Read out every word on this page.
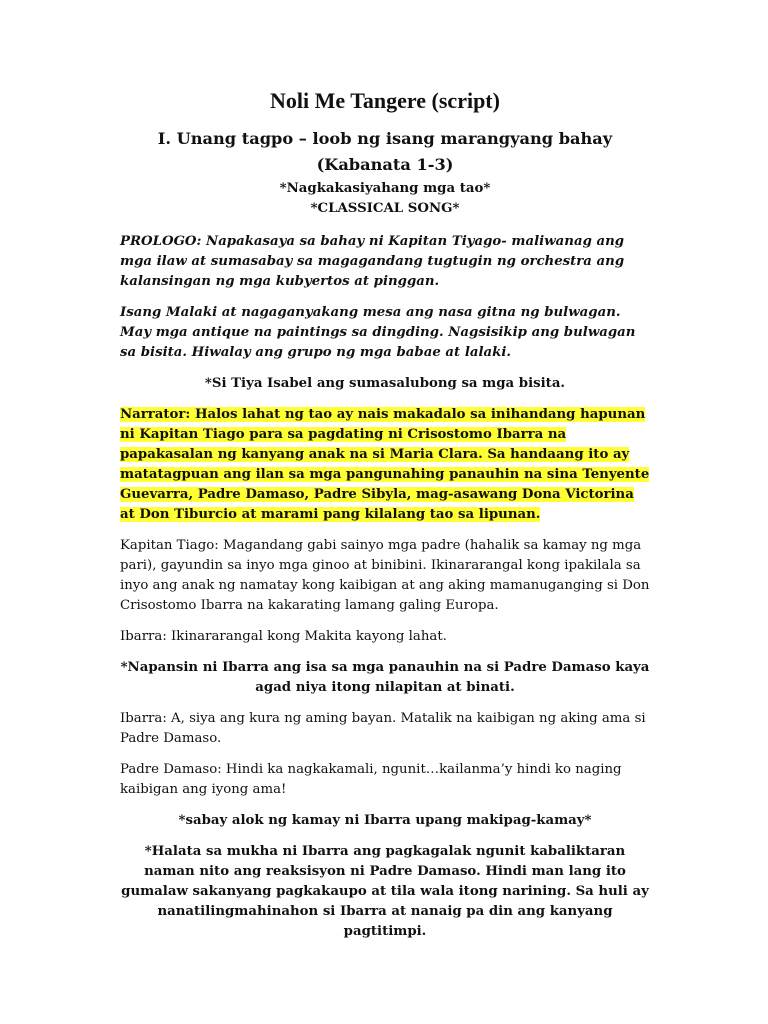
Noli Me Tangere (script)

I. Unang tagpo – loob ng isang marangyang bahay (Kabanata 1-3)

*Nagkakasiyahang mga tao*

*CLASSICAL SONG*

PROLOGO: Napakasaya sa bahay ni Kapitan Tiyago- maliwanag ang mga ilaw at sumasabay sa magagandang tugtugin ng orchestra ang kalansingan ng mga kubyertos at pinggan.

Isang Malaki at nagaganyakang mesa ang nasa gitna ng bulwagan. May mga antique na paintings sa dingding. Nagsisikip ang bulwagan sa bisita. Hiwalay ang grupo ng mga babae at lalaki.

*Si Tiya Isabel ang sumasalubong sa mga bisita.

Narrator: Halos lahat ng tao ay nais makadalo sa inihandang hapunan ni Kapitan Tiago para sa pagdating ni Crisostomo Ibarra na papakasalan ng kanyang anak na si Maria Clara. Sa handaang ito ay matatagpuan ang ilan sa mga pangunahing panauhin na sina Tenyente Guevarra, Padre Damaso, Padre Sibyla, mag-asawang Dona Victorina at Don Tiburcio at marami pang kilalang tao sa lipunan.

Kapitan Tiago: Magandang gabi sainyo mga padre (hahalik sa kamay ng mga pari), gayundin sa inyo mga ginoo at binibini. Ikinararangal kong ipakilala sa inyo ang anak ng namatay kong kaibigan at ang aking mamanuganging si Don Crisostomo Ibarra na kakarating lamang galing Europa.

Ibarra: Ikinararangal kong Makita kayong lahat.

*Napansin ni Ibarra ang isa sa mga panauhin na si Padre Damaso kaya agad niya itong nilapitan at binati.

Ibarra: A, siya ang kura ng aming bayan. Matalik na kaibigan ng aking ama si Padre Damaso.

Padre Damaso: Hindi ka nagkakamali, ngunit…kailanma’y hindi ko naging kaibigan ang iyong ama!

*sabay alok ng kamay ni Ibarra upang makipag-kamay*

*Halata sa mukha ni Ibarra ang pagkagalak ngunit kabaliktaran naman nito ang reaksisyon ni Padre Damaso. Hindi man lang ito gumalaw sakanyang pagkakaupo at tila wala itong narining. Sa huli ay nanatilingmahinahon si Ibarra at nanaig pa din ang kanyang pagtitimpi.
